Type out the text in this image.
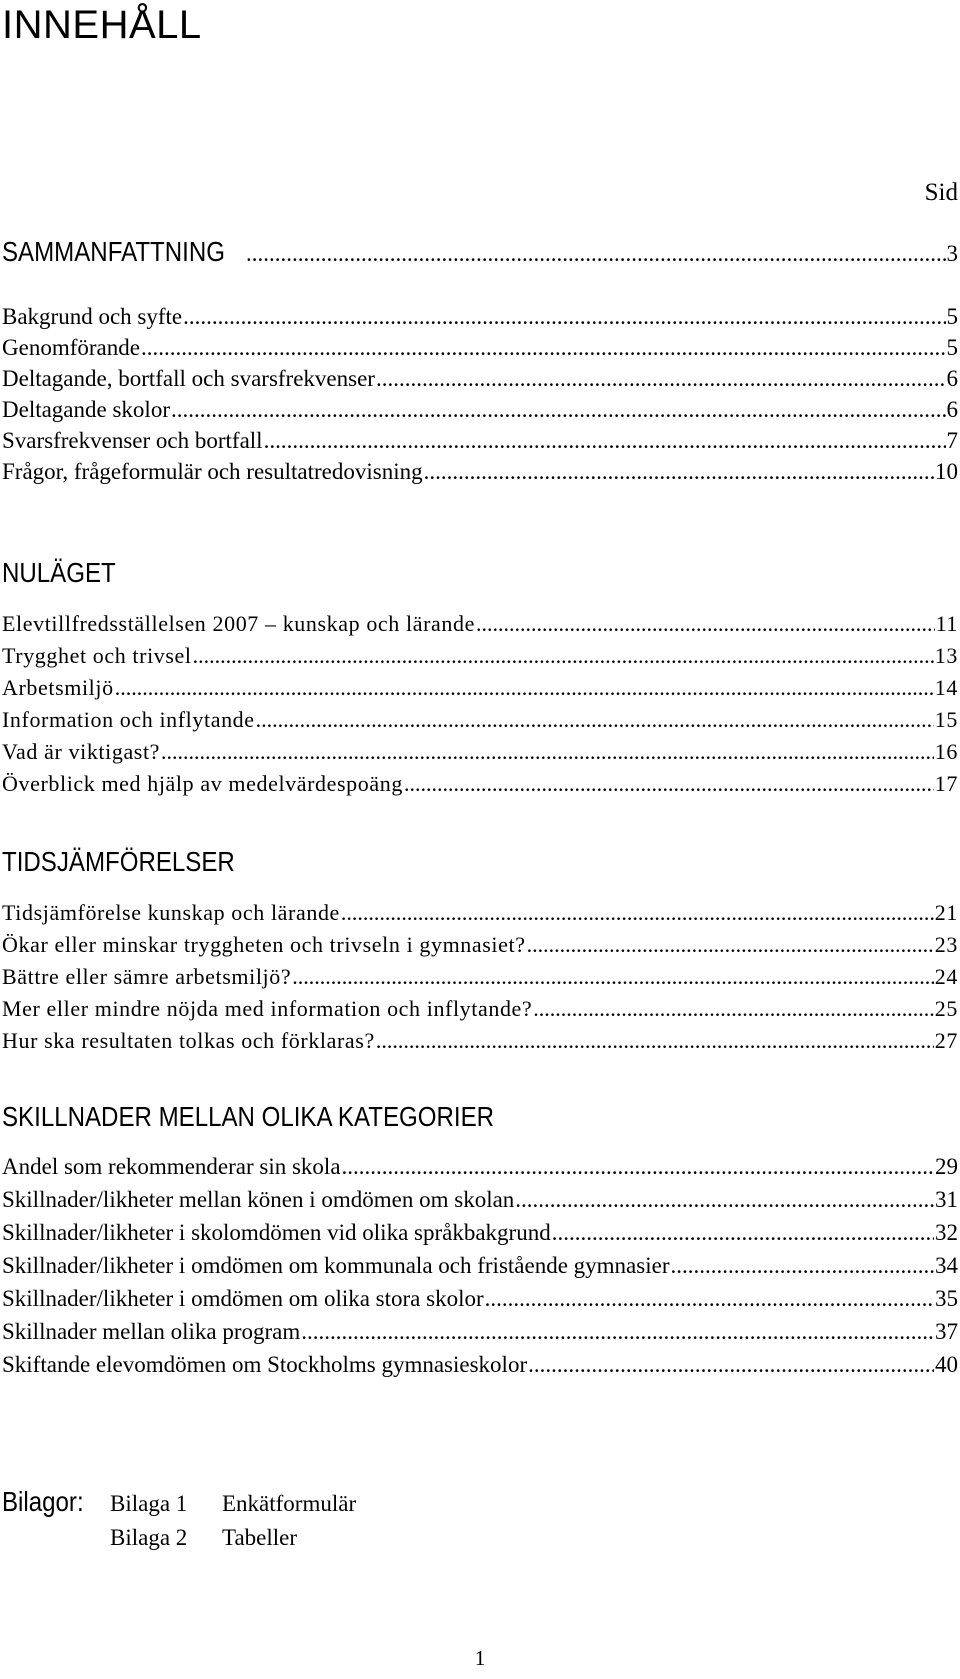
INNEHÅLL
Sid
SAMMANFATTNING .....	3
Bakgrund och syfte .....	5
Genomförande .....	5
Deltagande, bortfall och svarsfrekvenser .....	6
Deltagande skolor .....	6
Svarsfrekvenser och bortfall .....	7
Frågor, frågeformulär och resultatredovisning .....	10
NULÄGET
Elevtillfredsställelsen 2007 – kunskap och lärande .....	11
Trygghet och trivsel .....	13
Arbetsmiljö .....	14
Information och inflytande .....	15
Vad är viktigast? .....	16
Överblick med hjälp av medelvärdespoäng .....	17
TIDSJÄMFÖRELSER
Tidsjämförelse kunskap och lärande .....	21
Ökar eller minskar tryggheten och trivseln i gymnasiet? .....	23
Bättre eller sämre arbetsmiljö? .....	24
Mer eller mindre nöjda med information och inflytande? .....	25
Hur ska resultaten tolkas och förklaras? .....	27
SKILLNADER MELLAN OLIKA KATEGORIER
Andel som rekommenderar sin skola .....	29
Skillnader/likheter mellan könen i omdömen om skolan .....	31
Skillnader/likheter i skolomdömen vid olika språkbakgrund .....	32
Skillnader/likheter i omdömen om kommunala och fristående gymnasier .....	34
Skillnader/likheter i omdömen om olika stora skolor .....	35
Skillnader mellan olika program .....	37
Skiftande elevomdömen om Stockholms gymnasieskolor .....	40
Bilagor:	Bilaga 1	Enkätformulär
Bilaga 2	Tabeller
1
